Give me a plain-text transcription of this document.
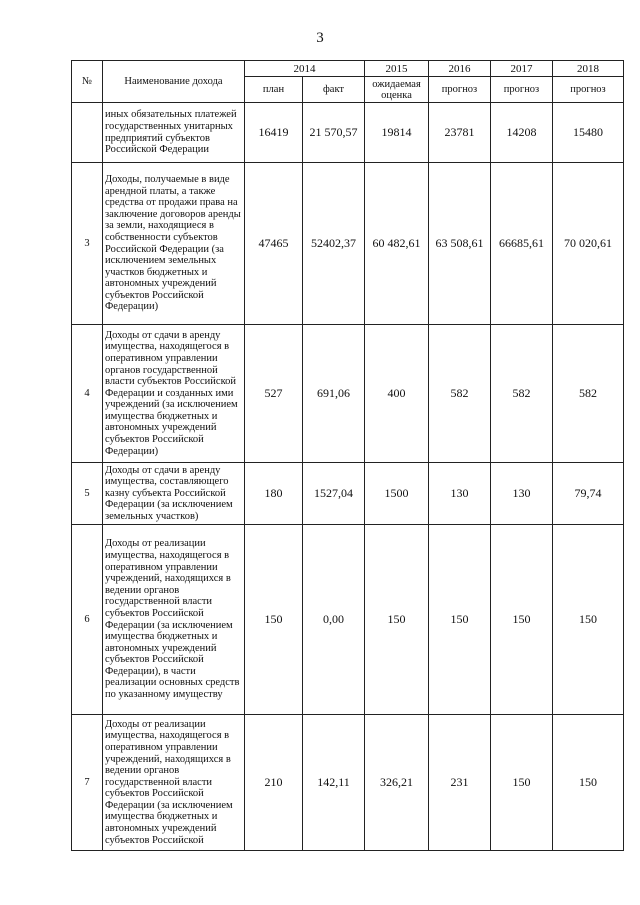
3
№	Наименование дохода	2014		2015	2016	2017	2018

		план	факт	ожидаемая оценка	прогноз	прогноз	прогноз
	иных обязательных платежей государственных унитарных предприятий субъектов Российской Федерации	16419	21 570,57	19814	23781	14208	15480
3	Доходы, получаемые в виде арендной платы, а также средства от продажи права на заключение договоров аренды за земли, находящиеся в собственности субъектов Российской Федерации (за исключением земельных участков бюджетных и автономных учреждений субъектов Российской Федерации)	47465	52402,37	60 482,61	63 508,61	66685,61	70 020,61
4	Доходы от сдачи в аренду имущества, находящегося в оперативном управлении органов государственной власти субъектов Российской Федерации и созданных ими учреждений (за исключением имущества бюджетных и автономных учреждений субъектов Российской Федерации)	527	691,06	400	582	582	582
5	Доходы от сдачи в аренду имущества, составляющего казну субъекта Российской Федерации (за исключением земельных участков)	180	1527,04	1500	130	130	79,74
6	Доходы от реализации имущества, находящегося в оперативном управлении учреждений, находящихся в ведении органов государственной власти субъектов Российской Федерации (за исключением имущества бюджетных и автономных учреждений субъектов Российской Федерации), в части реализации основных средств по указанному имуществу	150	0,00	150	150	150	150
7	Доходы от реализации имущества, находящегося в оперативном управлении учреждений, находящихся в ведении органов государственной власти субъектов Российской Федерации (за исключением имущества бюджетных и автономных учреждений субъектов Российской	210	142,11	326,21	231	150	150
